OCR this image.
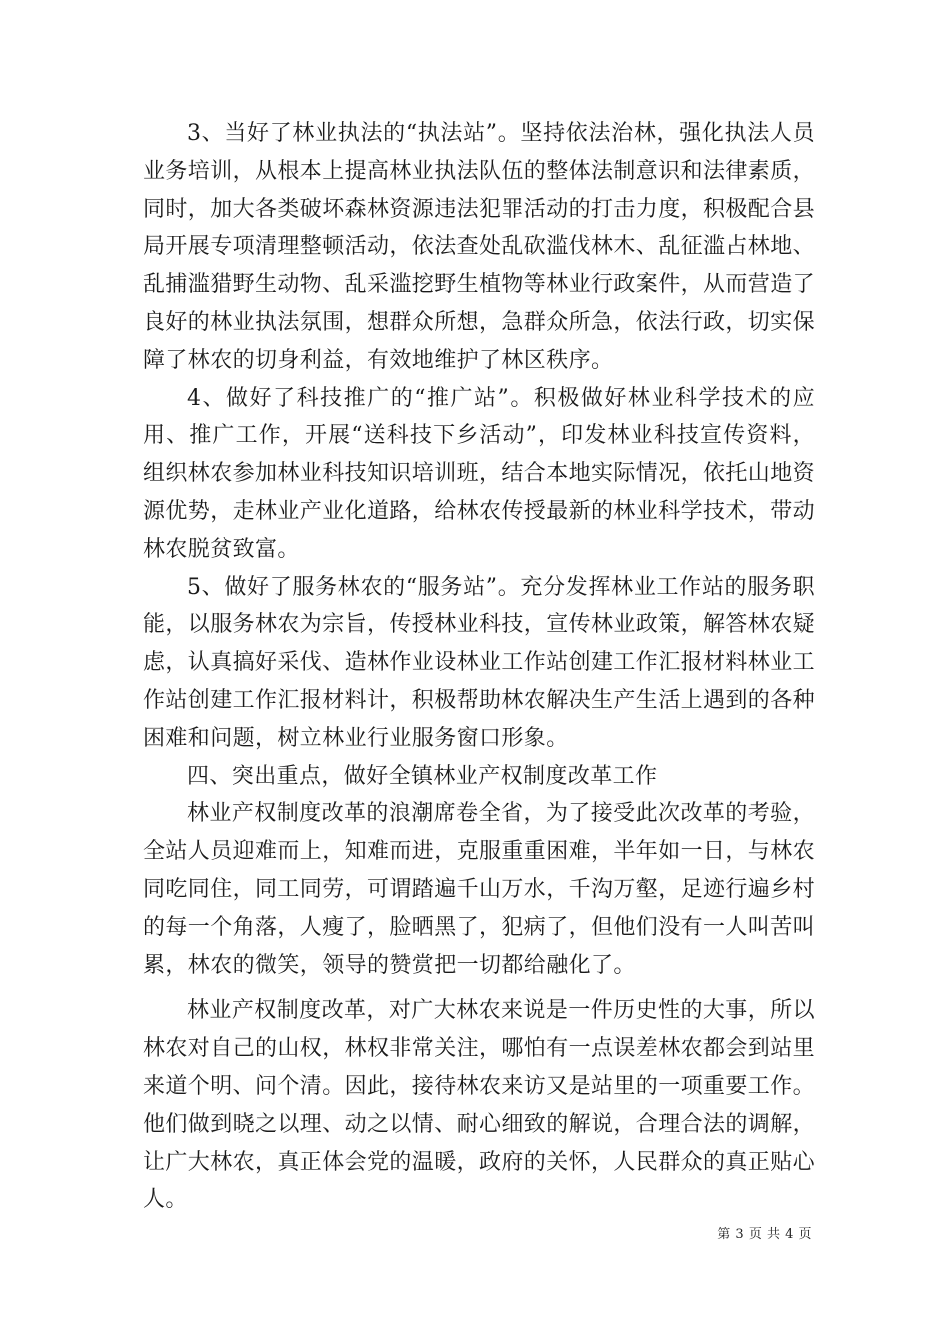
3、当好了林业执法的“执法站”。坚持依法治林，强化执法人员业务培训，从根本上提高林业执法队伍的整体法制意识和法律素质，同时，加大各类破坏森林资源违法犯罪活动的打击力度，积极配合县局开展专项清理整顿活动，依法查处乱砍滥伐林木、乱征滥占林地、乱捕滥猎野生动物、乱采滥挖野生植物等林业行政案件，从而营造了良好的林业执法氛围，想群众所想，急群众所急，依法行政，切实保障了林农的切身利益，有效地维护了林区秩序。

4、做好了科技推广的“推广站”。积极做好林业科学技术的应用、推广工作，开展“送科技下乡活动”，印发林业科技宣传资料，组织林农参加林业科技知识培训班，结合本地实际情况，依托山地资源优势，走林业产业化道路，给林农传授最新的林业科学技术，带动林农脱贫致富。

5、做好了服务林农的“服务站”。充分发挥林业工作站的服务职能，以服务林农为宗旨，传授林业科技，宣传林业政策，解答林农疑虑，认真搞好采伐、造林作业设林业工作站创建工作汇报材料林业工作站创建工作汇报材料计，积极帮助林农解决生产生活上遇到的各种困难和问题，树立林业行业服务窗口形象。

四、突出重点，做好全镇林业产权制度改革工作

林业产权制度改革的浪潮席卷全省，为了接受此次改革的考验，全站人员迎难而上，知难而进，克服重重困难，半年如一日，与林农同吃同住，同工同劳，可谓踏遍千山万水，千沟万壑，足迹行遍乡村的每一个角落，人瘦了，脸晒黑了，犯病了，但他们没有一人叫苦叫累，林农的微笑，领导的赞赏把一切都给融化了。

林业产权制度改革，对广大林农来说是一件历史性的大事，所以林农对自己的山权，林权非常关注，哪怕有一点误差林农都会到站里来道个明、问个清。因此，接待林农来访又是站里的一项重要工作。他们做到晓之以理、动之以情、耐心细致的解说，合理合法的调解，让广大林农，真正体会党的温暖，政府的关怀，人民群众的真正贴心人。

第 3 页 共 4 页
